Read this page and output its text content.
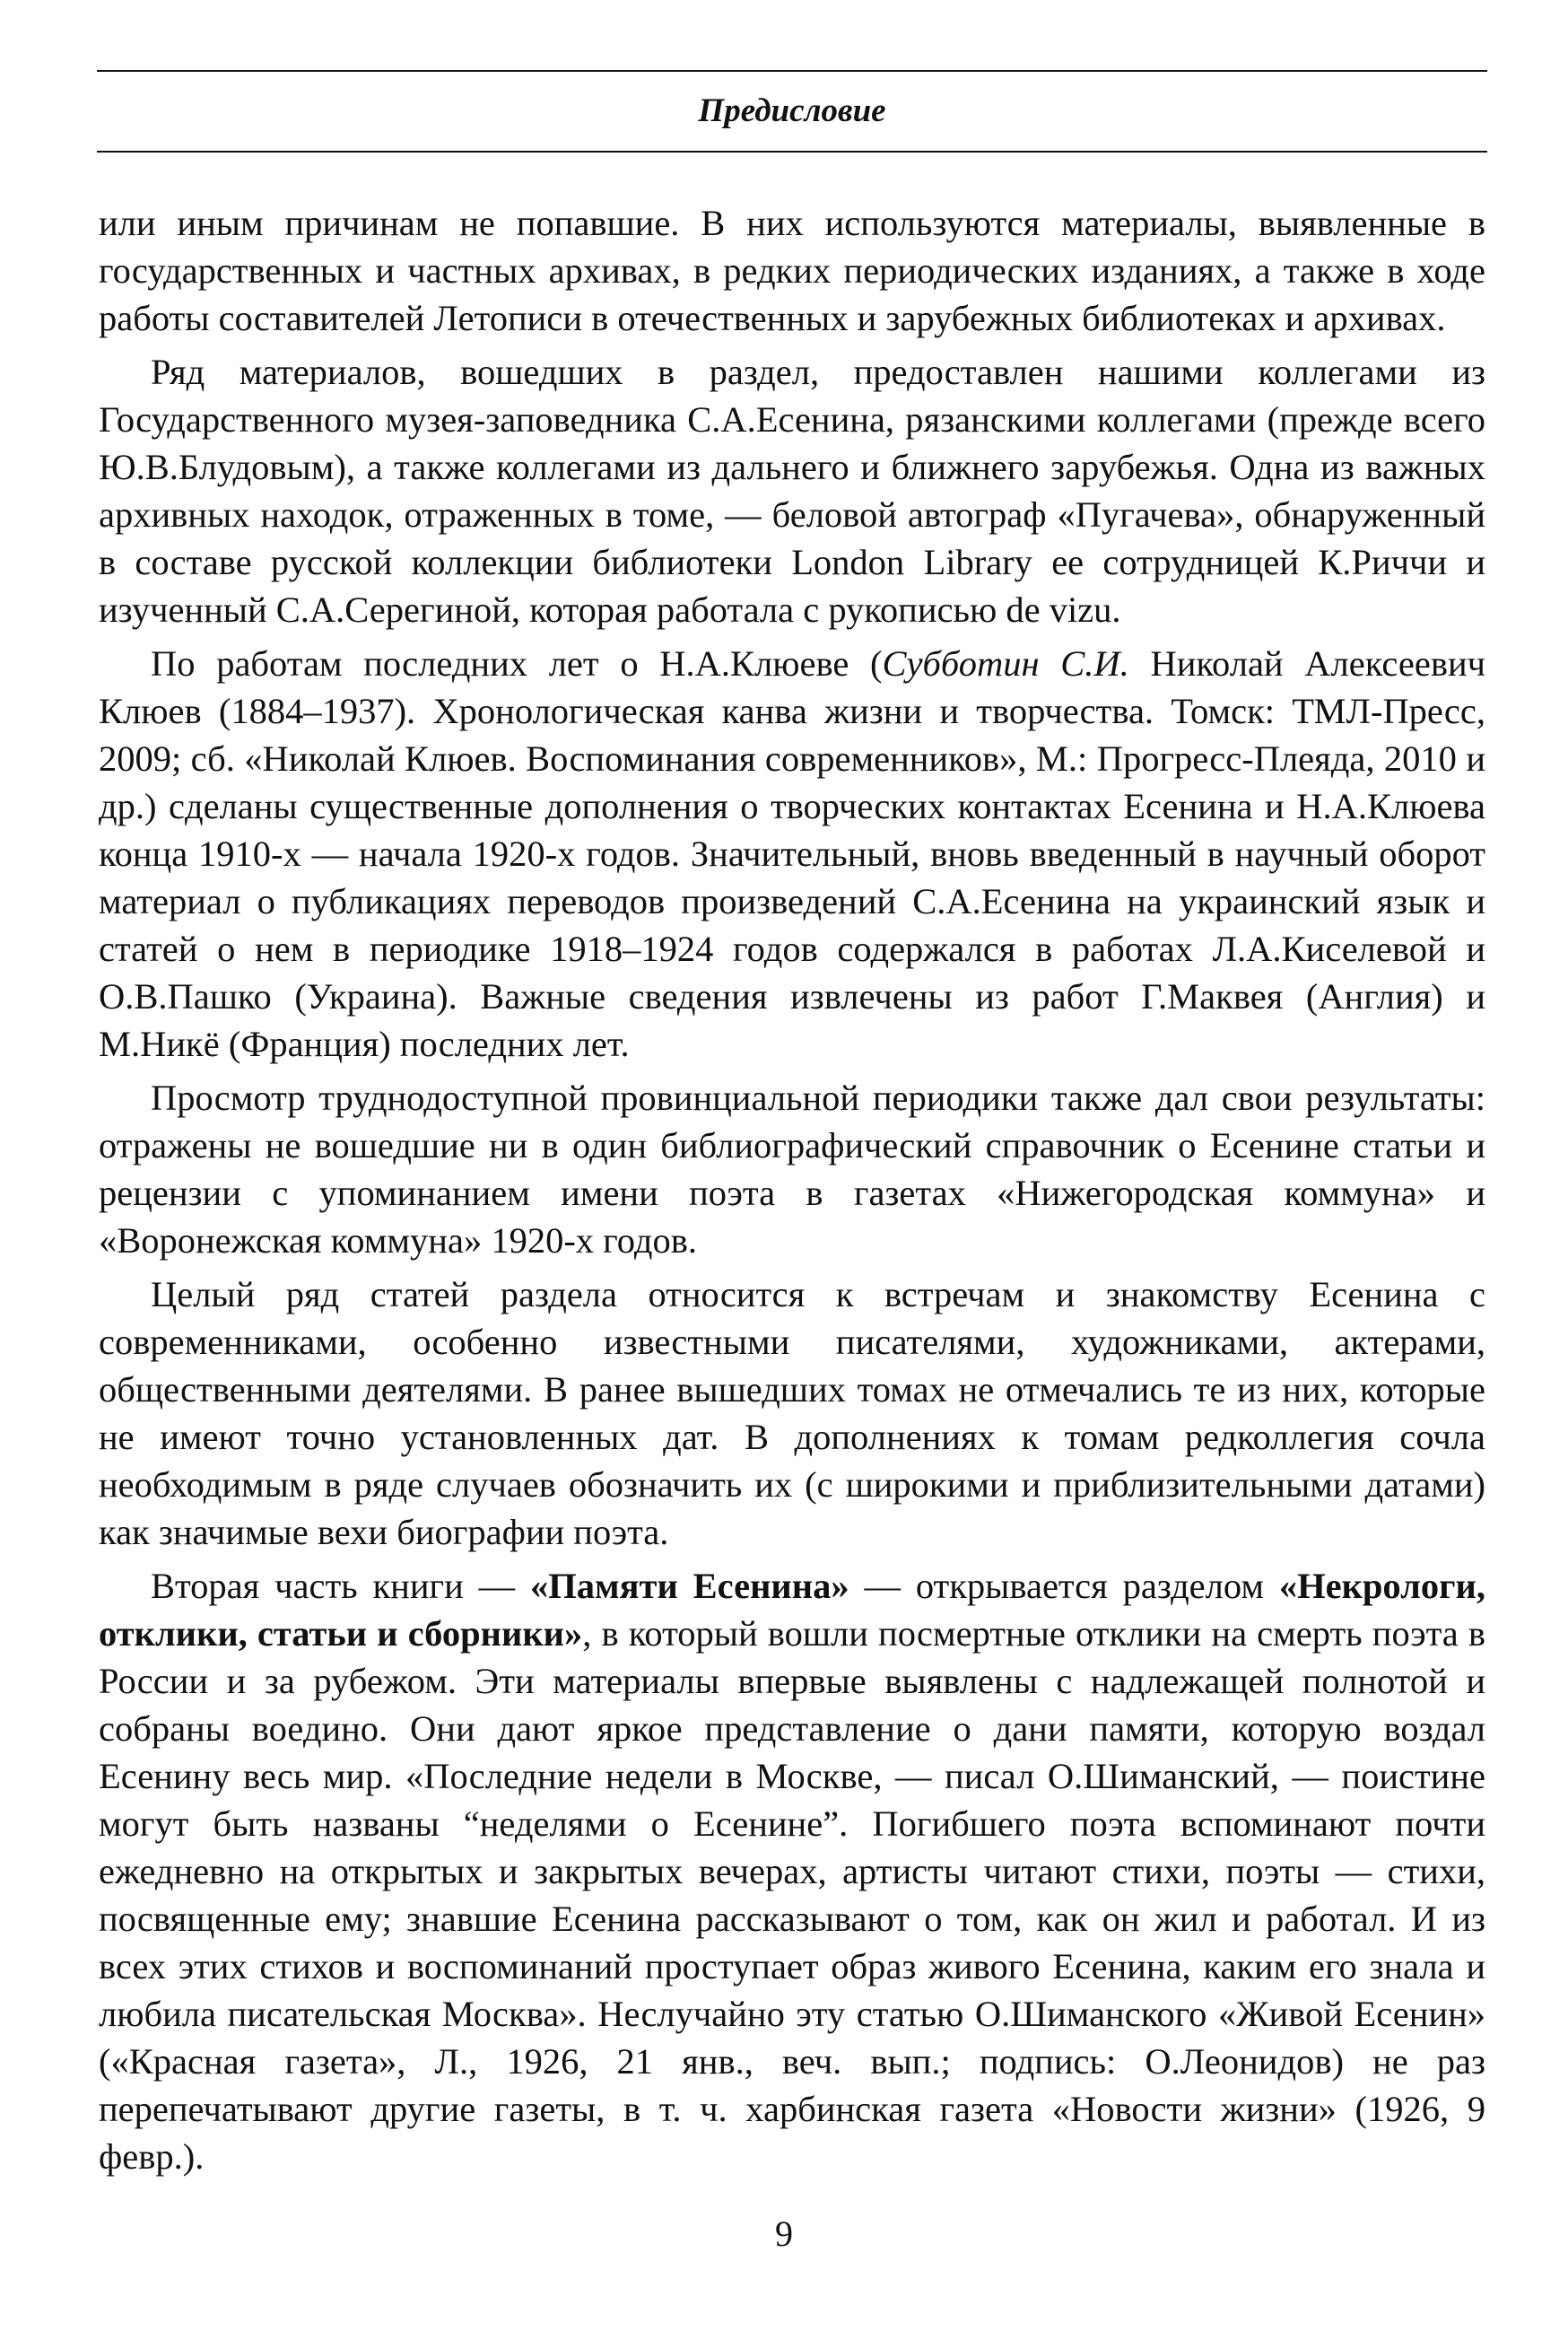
Предисловие

или иным причинам не попавшие. В них используются материалы, выявленные в государственных и частных архивах, в редких периодических изданиях, а также в ходе работы составителей Летописи в отечественных и зарубежных библиотеках и архивах.

Ряд материалов, вошедших в раздел, предоставлен нашими коллегами из Государственного музея-заповедника С.А.Есенина, рязанскими коллегами (прежде всего Ю.В.Блудовым), а также коллегами из дальнего и ближнего зарубежья. Одна из важных архивных находок, отраженных в томе, — беловой автограф «Пугачева», обнаруженный в составе русской коллекции библиотеки London Library ее сотрудницей К.Риччи и изученный С.А.Серегиной, которая работала с рукописью de vizu.

По работам последних лет о Н.А.Клюеве (Субботин С.И. Николай Алексеевич Клюев (1884–1937). Хронологическая канва жизни и творчества. Томск: ТМЛ-Пресс, 2009; сб. «Николай Клюев. Воспоминания современников», М.: Прогресс-Плеяда, 2010 и др.) сделаны существенные дополнения о творческих контактах Есенина и Н.А.Клюева конца 1910-х — начала 1920-х годов. Значительный, вновь введенный в научный оборот материал о публикациях переводов произведений С.А.Есенина на украинский язык и статей о нем в периодике 1918–1924 годов содержался в работах Л.А.Киселевой и О.В.Пашко (Украина). Важные сведения извлечены из работ Г.Маквея (Англия) и М.Никё (Франция) последних лет.

Просмотр труднодоступной провинциальной периодики также дал свои результаты: отражены не вошедшие ни в один библиографический справочник о Есенине статьи и рецензии с упоминанием имени поэта в газетах «Нижегородская коммуна» и «Воронежская коммуна» 1920-х годов.

Целый ряд статей раздела относится к встречам и знакомству Есенина с современниками, особенно известными писателями, художниками, актерами, общественными деятелями. В ранее вышедших томах не отмечались те из них, которые не имеют точно установленных дат. В дополнениях к томам редколлегия сочла необходимым в ряде случаев обозначить их (с широкими и приблизительными датами) как значимые вехи биографии поэта.

Вторая часть книги — «Памяти Есенина» — открывается разделом «Некрологи, отклики, статьи и сборники», в который вошли посмертные отклики на смерть поэта в России и за рубежом. Эти материалы впервые выявлены с надлежащей полнотой и собраны воедино. Они дают яркое представление о дани памяти, которую воздал Есенину весь мир. «Последние недели в Москве, — писал О.Шиманский, — поистине могут быть названы “неделями о Есенине”. Погибшего поэта вспоминают почти ежедневно на открытых и закрытых вечерах, артисты читают стихи, поэты — стихи, посвященные ему; знавшие Есенина рассказывают о том, как он жил и работал. И из всех этих стихов и воспоминаний проступает образ живого Есенина, каким его знала и любила писательская Москва». Неслучайно эту статью О.Шиманского «Живой Есенин» («Красная газета», Л., 1926, 21 янв., веч. вып.; подпись: О.Леонидов) не раз перепечатывают другие газеты, в т. ч. харбинская газета «Новости жизни» (1926, 9 февр.).

9
